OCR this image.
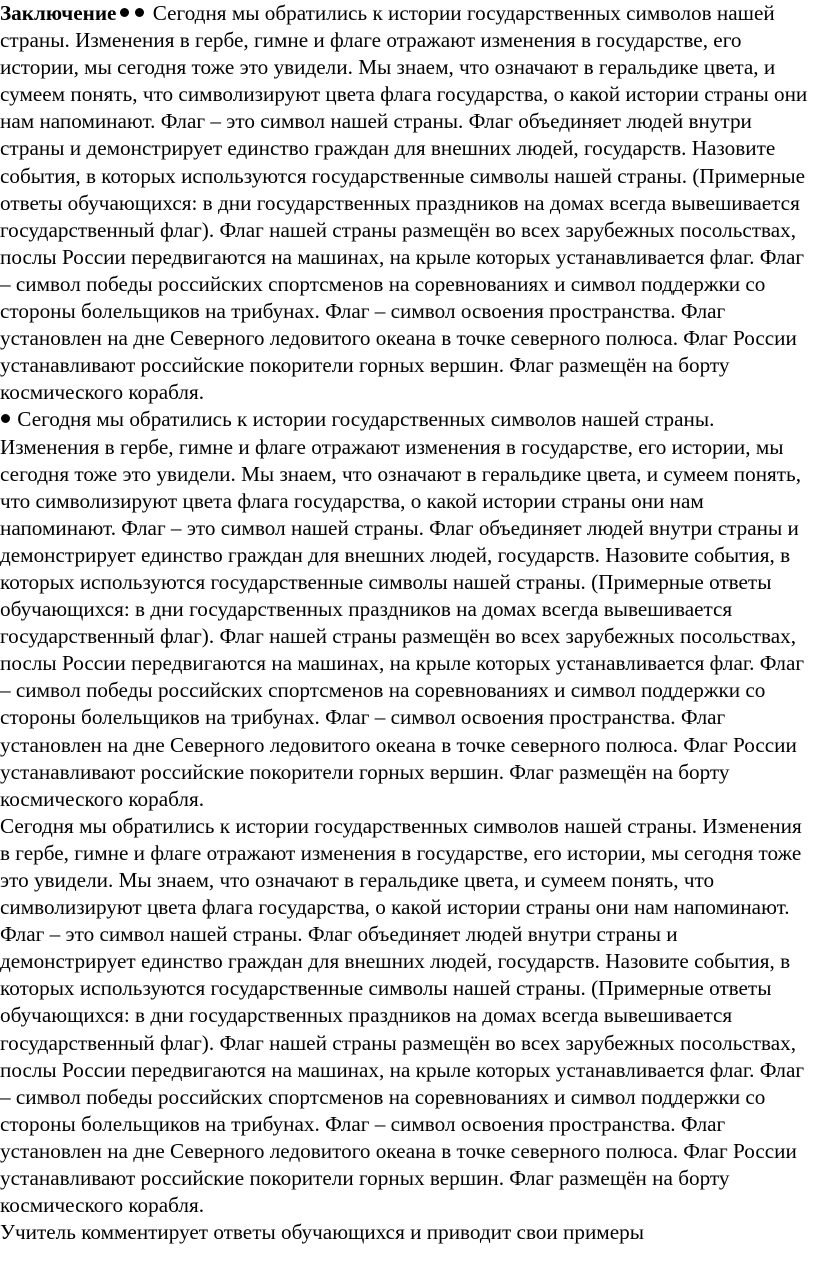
Заключение Сегодня мы обратились к истории государственных символов нашей страны. Изменения в гербе, гимне и флаге отражают изменения в государстве, его истории, мы сегодня тоже это увидели. Мы знаем, что означают в геральдике цвета, и сумеем понять, что символизируют цвета флага государства, о какой истории страны они нам напоминают. Флаг – это символ нашей страны. Флаг объединяет людей внутри страны и демонстрирует единство граждан для внешних людей, государств. Назовите события, в которых используются государственные символы нашей страны. (Примерные ответы обучающихся: в дни государственных праздников на домах всегда вывешивается государственный флаг). Флаг нашей страны размещён во всех зарубежных посольствах, послы России передвигаются на машинах, на крыле которых устанавливается флаг. Флаг – символ победы российских спортсменов на соревнованиях и символ поддержки со стороны болельщиков на трибунах. Флаг – символ освоения пространства. Флаг установлен на дне Северного ледовитого океана в точке северного полюса. Флаг России устанавливают российские покорители горных вершин. Флаг размещён на борту космического корабля.

Сегодня мы обратились к истории государственных символов нашей страны. Изменения в гербе, гимне и флаге отражают изменения в государстве, его истории, мы сегодня тоже это увидели. Мы знаем, что означают в геральдике цвета, и сумеем понять, что символизируют цвета флага государства, о какой истории страны они нам напоминают. Флаг – это символ нашей страны. Флаг объединяет людей внутри страны и демонстрирует единство граждан для внешних людей, государств. Назовите события, в которых используются государственные символы нашей страны. (Примерные ответы обучающихся: в дни государственных праздников на домах всегда вывешивается государственный флаг). Флаг нашей страны размещён во всех зарубежных посольствах, послы России передвигаются на машинах, на крыле которых устанавливается флаг. Флаг – символ победы российских спортсменов на соревнованиях и символ поддержки со стороны болельщиков на трибунах. Флаг – символ освоения пространства. Флаг установлен на дне Северного ледовитого океана в точке северного полюса. Флаг России устанавливают российские покорители горных вершин. Флаг размещён на борту космического корабля.

Сегодня мы обратились к истории государственных символов нашей страны. Изменения в гербе, гимне и флаге отражают изменения в государстве, его истории, мы сегодня тоже это увидели. Мы знаем, что означают в геральдике цвета, и сумеем понять, что символизируют цвета флага государства, о какой истории страны они нам напоминают. Флаг – это символ нашей страны. Флаг объединяет людей внутри страны и демонстрирует единство граждан для внешних людей, государств. Назовите события, в которых используются государственные символы нашей страны. (Примерные ответы обучающихся: в дни государственных праздников на домах всегда вывешивается государственный флаг). Флаг нашей страны размещён во всех зарубежных посольствах, послы России передвигаются на машинах, на крыле которых устанавливается флаг. Флаг – символ победы российских спортсменов на соревнованиях и символ поддержки со стороны болельщиков на трибунах. Флаг – символ освоения пространства. Флаг установлен на дне Северного ледовитого океана в точке северного полюса. Флаг России устанавливают российские покорители горных вершин. Флаг размещён на борту космического корабля.

Учитель комментирует ответы обучающихся и приводит свои примеры
